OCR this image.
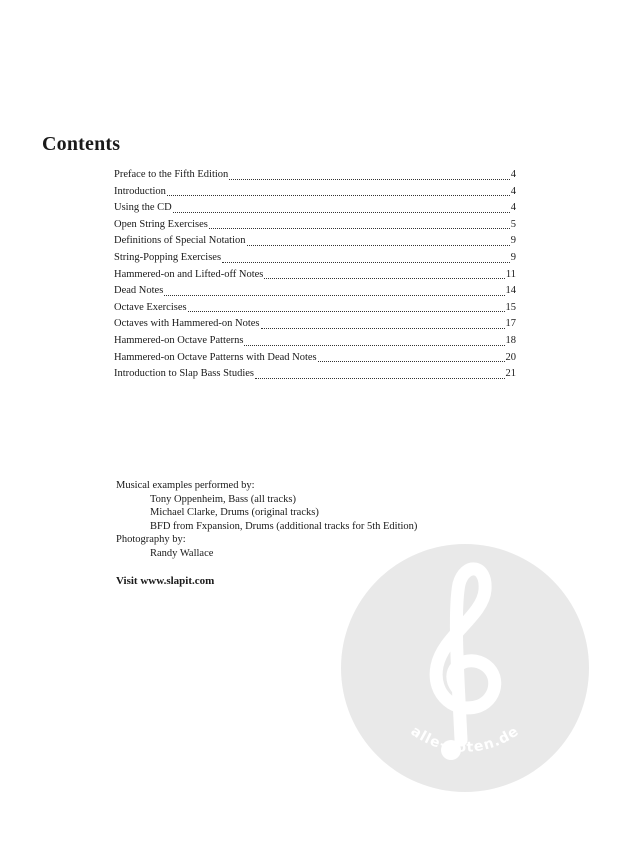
Contents
Preface to the Fifth Edition	4
Introduction	4
Using the CD	4
Open String Exercises	5
Definitions of Special Notation	9
String-Popping Exercises	9
Hammered-on and Lifted-off Notes	11
Dead Notes	14
Octave Exercises	15
Octaves with Hammered-on Notes	17
Hammered-on Octave Patterns	18
Hammered-on Octave Patterns with Dead Notes	20
Introduction to Slap Bass Studies	21

Musical examples performed by:

Tony Oppenheim, Bass (all tracks)

Michael Clarke, Drums (original tracks)

BFD from Fxpansion, Drums (additional tracks for 5th Edition)

Photography by:

Randy Wallace

Visit www.slapit.com

alle-noten.de
